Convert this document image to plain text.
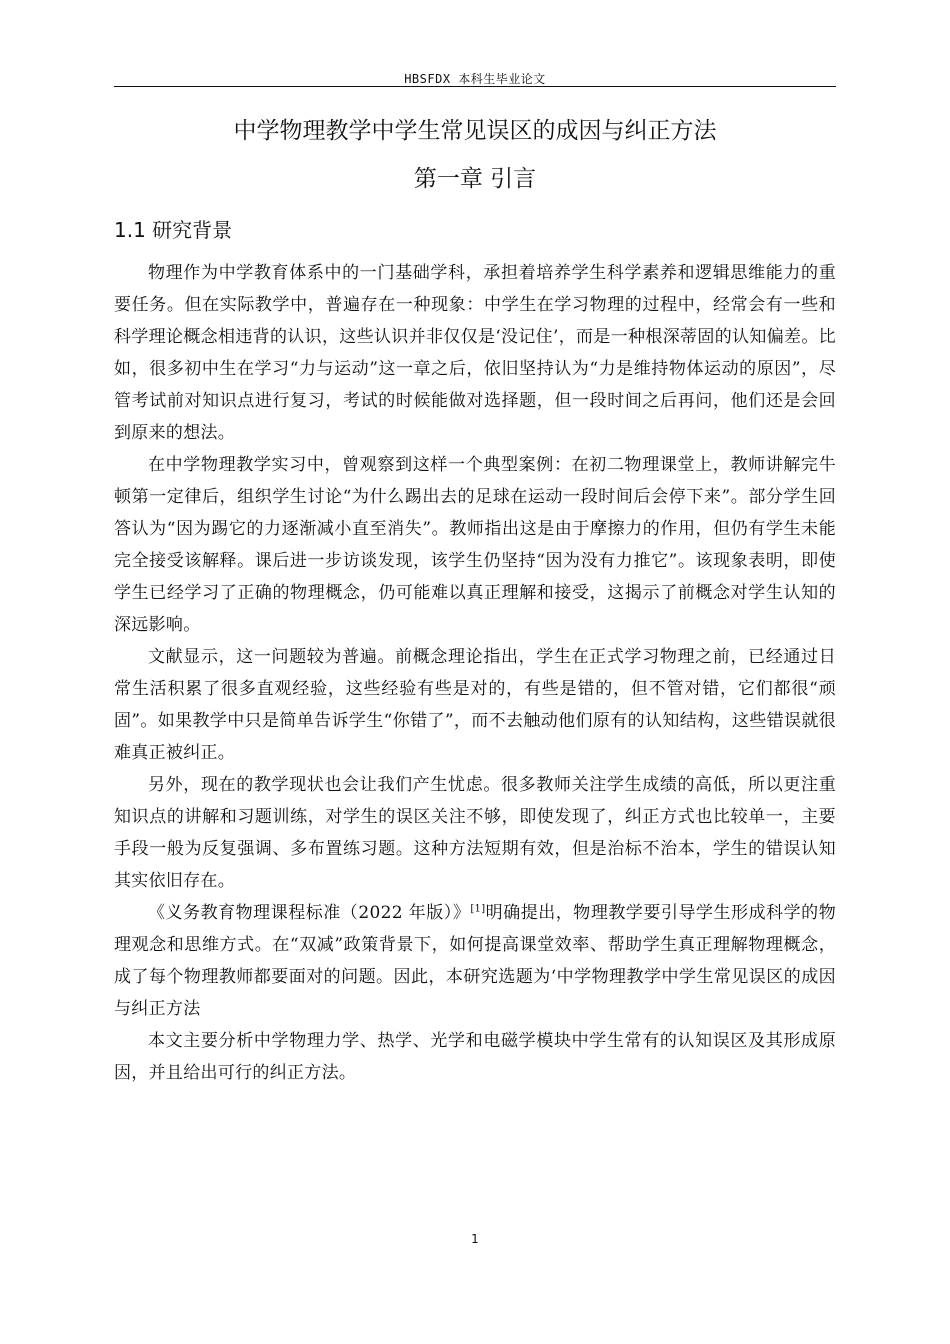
HBSFDX 本科生毕业论文
中学物理教学中学生常见误区的成因与纠正方法
第一章 引言
1.1 研究背景

物理作为中学教育体系中的一门基础学科，承担着培养学生科学素养和逻辑思维能力的重要任务。但在实际教学中，普遍存在一种现象：中学生在学习物理的过程中，经常会有一些和科学理论概念相违背的认识，这些认识并非仅仅是‘没记住’，而是一种根深蒂固的认知偏差。比如，很多初中生在学习“力与运动”这一章之后，依旧坚持认为“力是维持物体运动的原因”，尽管考试前对知识点进行复习，考试的时候能做对选择题，但一段时间之后再问，他们还是会回到原来的想法。

在中学物理教学实习中，曾观察到这样一个典型案例：在初二物理课堂上，教师讲解完牛顿第一定律后，组织学生讨论“为什么踢出去的足球在运动一段时间后会停下来”。部分学生回答认为“因为踢它的力逐渐减小直至消失”。教师指出这是由于摩擦力的作用，但仍有学生未能完全接受该解释。课后进一步访谈发现，该学生仍坚持“因为没有力推它”。该现象表明，即使学生已经学习了正确的物理概念，仍可能难以真正理解和接受，这揭示了前概念对学生认知的深远影响。

文献显示，这一问题较为普遍。前概念理论指出，学生在正式学习物理之前，已经通过日常生活积累了很多直观经验，这些经验有些是对的，有些是错的，但不管对错，它们都很“顽固”。如果教学中只是简单告诉学生“你错了”，而不去触动他们原有的认知结构，这些错误就很难真正被纠正。

另外，现在的教学现状也会让我们产生忧虑。很多教师关注学生成绩的高低，所以更注重知识点的讲解和习题训练，对学生的误区关注不够，即使发现了，纠正方式也比较单一，主要手段一般为反复强调、多布置练习题。这种方法短期有效，但是治标不治本，学生的错误认知其实依旧存在。

《义务教育物理课程标准（2022 年版）》[1]明确提出，物理教学要引导学生形成科学的物理观念和思维方式。在“双减”政策背景下，如何提高课堂效率、帮助学生真正理解物理概念，成了每个物理教师都要面对的问题。因此，本研究选题为‘中学物理教学中学生常见误区的成因与纠正方法

本文主要分析中学物理力学、热学、光学和电磁学模块中学生常有的认知误区及其形成原因，并且给出可行的纠正方法。

1
